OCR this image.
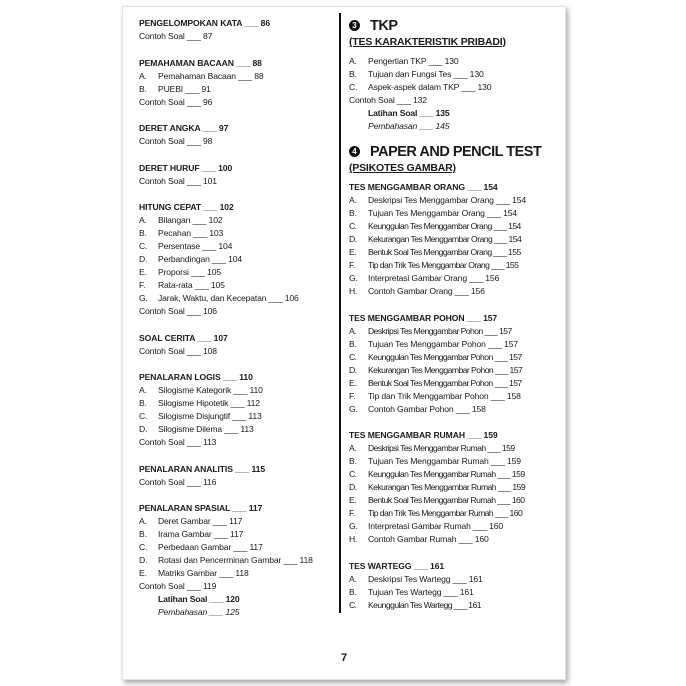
PENGELOMPOKAN KATA ___ 86
Contoh Soal ___ 87
PEMAHAMAN BACAAN ___ 88
A. Pemahaman Bacaan ___ 88
B. PUEBI ___ 91
Contoh Soal ___ 96
DERET ANGKA ___ 97
Contoh Soal ___ 98
DERET HURUF ___ 100
Contoh Soal ___ 101
HITUNG CEPAT ___ 102
A. Bilangan ___ 102
B. Pecahan ___ 103
C. Persentase ___ 104
D. Perbandingan ___ 104
E. Proporsi ___ 105
F. Rata-rata ___ 105
G. Jarak, Waktu, dan Kecepatan ___ 106
Contoh Soal ___ 106
SOAL CERITA ___ 107
Contoh Soal ___ 108
PENALARAN LOGIS ___ 110
A. Silogisme Kategorik ___ 110
B. Silogisme Hipotetik ___ 112
C. Silogisme Disjungtif ___ 113
D. Silogisme Dilema ___ 113
Contoh Soal ___ 113
PENALARAN ANALITIS ___ 115
Contoh Soal ___ 116
PENALARAN SPASIAL ___ 117
A. Deret Gambar ___ 117
B. Irama Gambar ___ 117
C. Perbedaan Gambar ___ 117
D. Rotasi dan Pencerminan Gambar ___ 118
E. Matriks Gambar ___ 118
Contoh Soal ___ 119
Latihan Soal ___ 120
Pembahasan ___ 125
3 TKP
(TES KARAKTERISTIK PRIBADI)
A. Pengertian TKP ___ 130
B. Tujuan dan Fungsi Tes ___ 130
C. Aspek-aspek dalam TKP ___ 130
Contoh Soal ___ 132
Latihan Soal ___ 135
Pembahasan ___ 145
4 PAPER AND PENCIL TEST
(PSIKOTES GAMBAR)
TES MENGGAMBAR ORANG ___ 154
A. Deskripsi Tes Menggambar Orang ___ 154
B. Tujuan Tes Menggambar Orang ___ 154
C. Keunggulan Tes Menggambar Orang ___ 154
D. Kekurangan Tes Menggambar Orang ___ 154
E. Bentuk Soal Tes Menggambar Orang ___ 155
F. Tip dan Trik Tes Menggambar Orang ___ 155
G. Interpretasi Gambar Orang ___ 156
H. Contoh Gambar Orang ___ 156
TES MENGGAMBAR POHON ___ 157
A. Deskripsi Tes Menggambar Pohon ___ 157
B. Tujuan Tes Menggambar Pohon ___ 157
C. Keunggulan Tes Menggambar Pohon ___ 157
D. Kekurangan Tes Menggambar Pohon ___ 157
E. Bentuk Soal Tes Menggambar Pohon ___ 157
F. Tip dan Trik Menggambar Pohon ___ 158
G. Contoh Gambar Pohon ___ 158
TES MENGGAMBAR RUMAH ___ 159
A. Deskripsi Tes Menggambar Rumah ___ 159
B. Tujuan Tes Menggambar Rumah ___ 159
C. Keunggulan Tes Menggambar Rumah ___ 159
D. Kekurangan Tes Menggambar Rumah ___ 159
E. Bentuk Soal Tes Menggambar Rumah ___ 160
F. Tip dan Trik Tes Menggambar Rumah ___ 160
G. Interpretasi Gambar Rumah ___ 160
H. Contoh Gambar Rumah ___ 160
TES WARTEGG ___ 161
A. Deskripsi Tes Wartegg ___ 161
B. Tujuan Tes Wartegg ___ 161
C. Keunggulan Tes Wartegg ___ 161
7
